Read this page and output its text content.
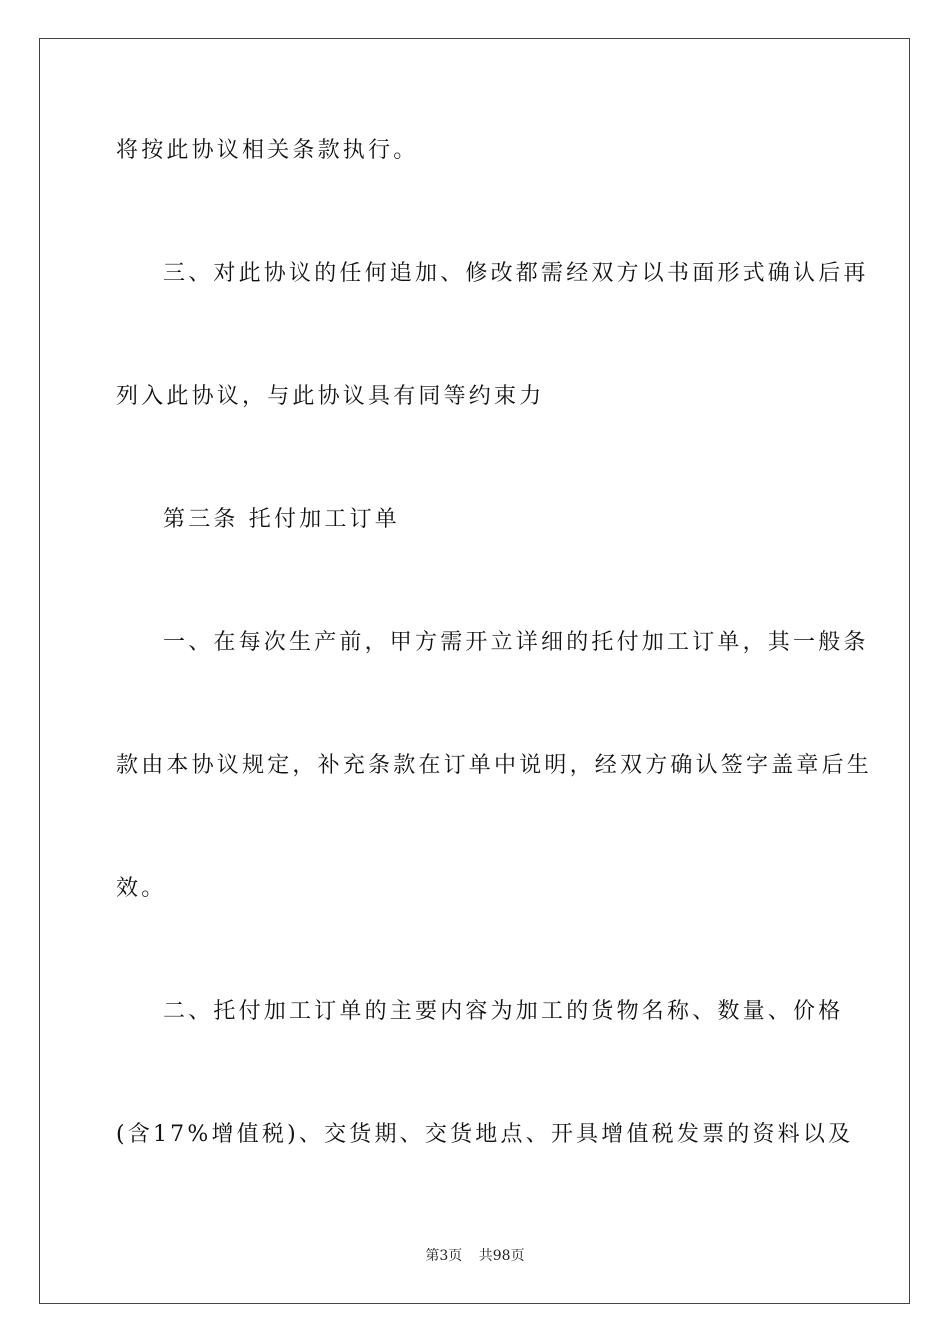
将按此协议相关条款执行。
三、对此协议的任何追加、修改都需经双方以书面形式确认后再
列入此协议，与此协议具有同等约束力
第三条 托付加工订单
一、在每次生产前，甲方需开立详细的托付加工订单，其一般条
款由本协议规定，补充条款在订单中说明，经双方确认签字盖章后生
效。
二、托付加工订单的主要内容为加工的货物名称、数量、价格
(含17%增值税)、交货期、交货地点、开具增值税发票的资料以及
第3页 共98页
